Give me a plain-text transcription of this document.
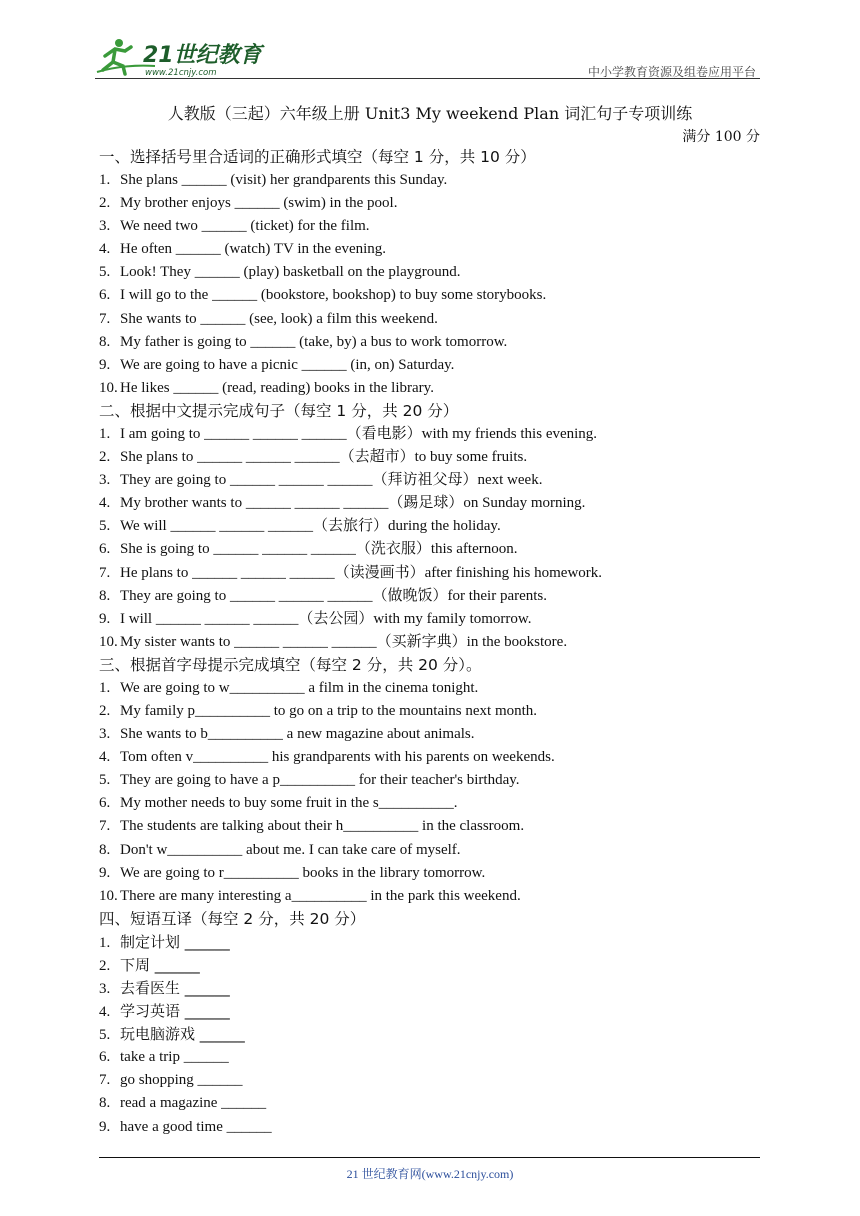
21世纪教育
www.21cnjy.com	中小学教育资源及组卷应用平台
人教版（三起）六年级上册 Unit3 My weekend Plan 词汇句子专项训练
满分 100 分
一、选择括号里合适词的正确形式填空（每空 1 分，共 10 分）
1. She plans ______ (visit) her grandparents this Sunday.
2. My brother enjoys ______ (swim) in the pool.
3. We need two ______ (ticket) for the film.
4. He often ______ (watch) TV in the evening.
5. Look! They ______ (play) basketball on the playground.
6. I will go to the ______ (bookstore, bookshop) to buy some storybooks.
7. She wants to ______ (see, look) a film this weekend.
8. My father is going to ______ (take, by) a bus to work tomorrow.
9. We are going to have a picnic ______ (in, on) Saturday.
10. He likes ______ (read, reading) books in the library.
二、根据中文提示完成句子（每空 1 分，共 20 分）
1. I am going to ______ ______ ______（看电影）with my friends this evening.
2. She plans to ______ ______ ______（去超市）to buy some fruits.
3. They are going to ______ ______ ______（拜访祖父母）next week.
4. My brother wants to ______ ______ ______（踢足球）on Sunday morning.
5. We will ______ ______ ______（去旅行）during the holiday.
6. She is going to ______ ______ ______（洗衣服）this afternoon.
7. He plans to ______ ______ ______（读漫画书）after finishing his homework.
8. They are going to ______ ______ ______（做晚饭）for their parents.
9. I will ______ ______ ______（去公园）with my family tomorrow.
10. My sister wants to ______ ______ ______（买新字典）in the bookstore.
三、根据首字母提示完成填空（每空 2 分，共 20 分）。
1. We are going to w__________ a film in the cinema tonight.
2. My family p__________ to go on a trip to the mountains next month.
3. She wants to b__________ a new magazine about animals.
4. Tom often v__________ his grandparents with his parents on weekends.
5. They are going to have a p__________ for their teacher's birthday.
6. My mother needs to buy some fruit in the s__________.
7. The students are talking about their h__________ in the classroom.
8. Don't w__________ about me. I can take care of myself.
9. We are going to r__________ books in the library tomorrow.
10. There are many interesting a__________ in the park this weekend.
四、短语互译（每空 2 分，共 20 分）
1. 制定计划 ______
2. 下周 ______
3. 去看医生 ______
4. 学习英语 ______
5. 玩电脑游戏 ______
6. take a trip ______
7. go shopping ______
8. read a magazine ______
9. have a good time ______
21 世纪教育网(www.21cnjy.com)
